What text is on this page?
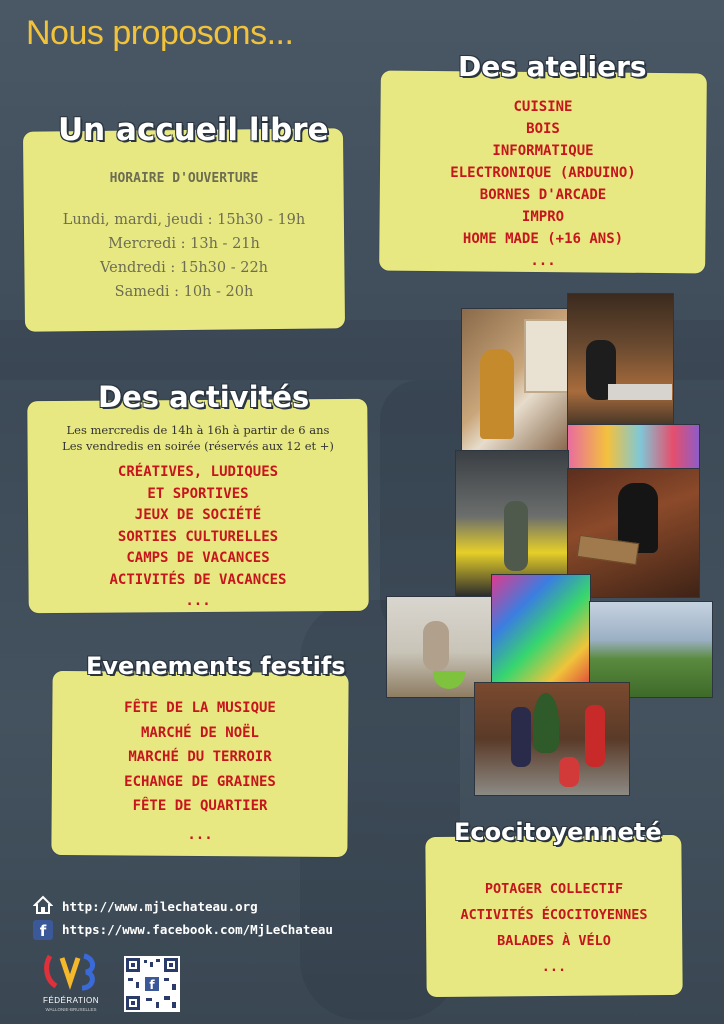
Nous proposons...
Un accueil libre
HORAIRE D'OUVERTURE
Lundi, mardi, jeudi : 15h30 - 19h
Mercredi : 13h - 21h
Vendredi : 15h30 - 22h
Samedi : 10h - 20h
Des ateliers
CUISINE
BOIS
INFORMATIQUE
ELECTRONIQUE (ARDUINO)
BORNES D'ARCADE
IMPRO
HOME MADE (+16 ANS)
...
Des activités
Les mercredis de 14h à 16h à partir de 6 ans
Les vendredis en soirée (réservés aux 12 et +)
CRÉATIVES, LUDIQUES
ET SPORTIVES
JEUX DE SOCIÉTÉ
SORTIES CULTURELLES
CAMPS DE VACANCES
ACTIVITÉS DE VACANCES
...
Evenements festifs
FÊTE DE LA MUSIQUE
MARCHÉ DE NOËL
MARCHÉ DU TERROIR
ECHANGE DE GRAINES
FÊTE DE QUARTIER
...	Ecocitoyenneté
POTAGER COLLECTIF
ACTIVITÉS ÉCOCITOYENNES
BALADES À VÉLO
...
http://www.mjlechateau.org
f	https://www.facebook.com/MjLeChateau
FÉDÉRATION
WALLONIE-BRUXELLES
f
